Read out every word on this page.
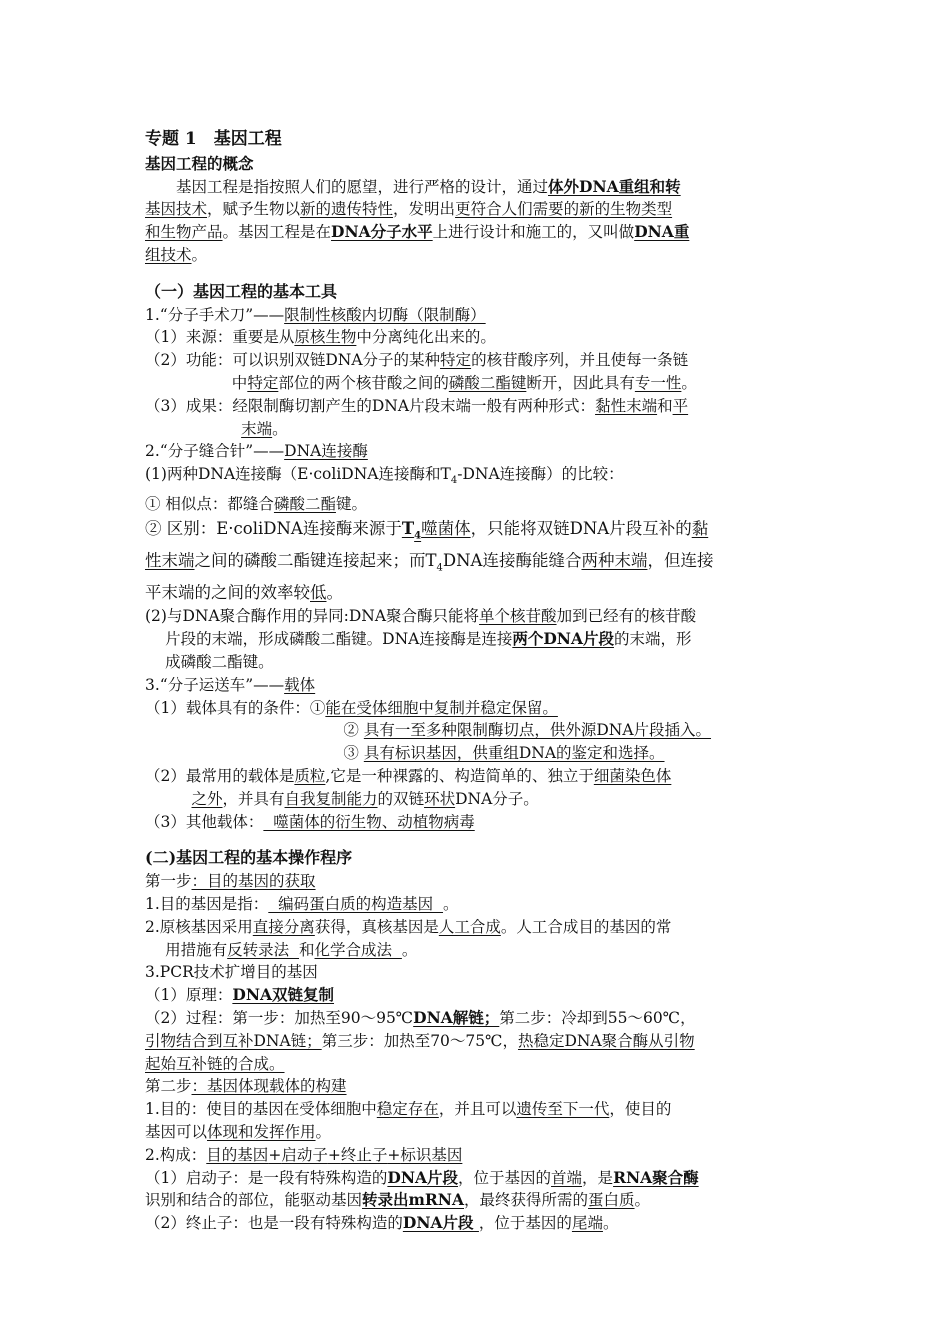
专题 1　基因工程
基因工程的概念
基因工程是指按照人们的愿望，进行严格的设计，通过体外DNA重组和转
基因技术，赋予生物以新的遗传特性，发明出更符合人们需要的新的生物类型
和生物产品。基因工程是在DNA分子水平上进行设计和施工的，又叫做DNA重
组技术。
（一）基因工程的基本工具
1.“分子手术刀”——限制性核酸内切酶（限制酶）
（1）来源：重要是从原核生物中分离纯化出来的。
（2）功能：可以识别双链DNA分子的某种特定的核苷酸序列，并且使每一条链
中特定部位的两个核苷酸之间的磷酸二酯键断开，因此具有专一性。
（3）成果：经限制酶切割产生的DNA片段末端一般有两种形式：黏性末端和平
末端。
2.“分子缝合针”——DNA连接酶
(1)两种DNA连接酶（E·coliDNA连接酶和$T_4$-DNA连接酶）的比较：
① 相似点：都缝合磷酸二酯键。
② 区别：E·coliDNA连接酶来源于$T_4$噬菌体，只能将双链DNA片段互补的黏
性末端之间的磷酸二酯键连接起来；而$T_4DNA$连接酶能缝合两种末端，但连接
平末端的之间的效率较低。
(2)与DNA聚合酶作用的异同:DNA聚合酶只能将单个核苷酸加到已经有的核苷酸
片段的末端，形成磷酸二酯键。DNA连接酶是连接两个DNA片段的末端，形
成磷酸二酯键。
3.“分子运送车”——载体
（1）载体具有的条件：①能在受体细胞中复制并稳定保留。
② 具有一至多种限制酶切点，供外源DNA片段插入。
③ 具有标识基因，供重组DNA的鉴定和选择。
（2）最常用的载体是质粒,它是一种裸露的、构造简单的、独立于细菌染色体
之外，并具有自我复制能力的双链环状DNA分子。
（3）其他载体：  噬菌体的衍生物、动植物病毒
(二)基因工程的基本操作程序
第一步：目的基因的获取
1.目的基因是指：  编码蛋白质的构造基因  。
2.原核基因采用直接分离获得，真核基因是人工合成。人工合成目的基因的常
用措施有反转录法  和化学合成法  。
3.PCR技术扩增目的基因
（1）原理：DNA双链复制
（2）过程：第一步：加热至90～95℃DNA解链；第二步：冷却到55～60℃，
引物结合到互补DNA链；第三步：加热至70～75℃，热稳定DNA聚合酶从引物
起始互补链的合成。
第二步：基因体现载体的构建
1.目的：使目的基因在受体细胞中稳定存在，并且可以遗传至下一代，使目的
基因可以体现和发挥作用。
2.构成：目的基因+启动子+终止子+标识基因
（1）启动子：是一段有特殊构造的DNA片段，位于基因的首端，是RNA聚合酶
识别和结合的部位，能驱动基因转录出mRNA，最终获得所需的蛋白质。
（2）终止子：也是一段有特殊构造的DNA片段 ，位于基因的尾端。
